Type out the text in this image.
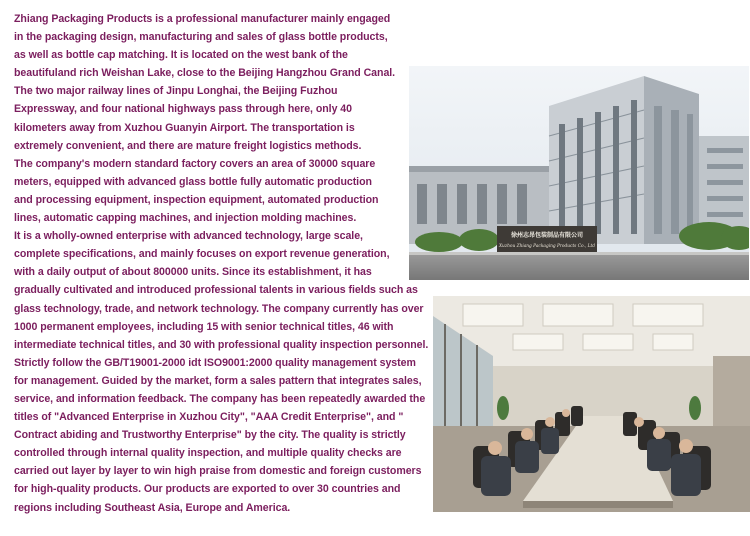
Zhiang Packaging Products is a professional manufacturer mainly engaged
in the packaging design, manufacturing and sales of glass bottle products,
as well as bottle cap matching. It is located on the west bank of the
beautifuland rich Weishan Lake, close to the Beijing Hangzhou Grand Canal.
The two major railway lines of Jinpu Longhai, the Beijing Fuzhou
Expressway, and four national highways pass through here, only 40
kilometers away from Xuzhou Guanyin Airport. The transportation is
extremely convenient, and there are mature freight logistics methods.
The company's modern standard factory covers an area of 30000 square
meters, equipped with advanced glass bottle fully automatic production
and processing equipment, inspection equipment, automated production
lines, automatic capping machines, and injection molding machines.
It is a wholly-owned enterprise with advanced technology, large scale,
complete specifications, and mainly focuses on export revenue generation,
with a daily output of about 800000 units. Since its establishment, it has
gradually cultivated and introduced professional talents in various fields such as
glass technology, trade, and network technology. The company currently has over
1000 permanent employees, including 15 with senior technical titles, 46 with
intermediate technical titles, and 30 with professional quality inspection personnel.
Strictly follow the GB/T19001-2000 idt ISO9001:2000 quality management system
for management. Guided by the market, form a sales pattern that integrates sales,
service, and information feedback. The company has been repeatedly awarded the
titles of "Advanced Enterprise in Xuzhou City", "AAA Credit Enterprise", and "
Contract abiding and Trustworthy Enterprise" by the city. The quality is strictly
controlled through internal quality inspection, and multiple quality checks are
carried out layer by layer to win high praise from domestic and foreign customers
for high-quality products. Our products are exported to over 30 countries and
regions including Southeast Asia, Europe and America.
徐州志昂包装制品有限公司
Xuzhou Zhiang Packaging Products Co., Ltd
